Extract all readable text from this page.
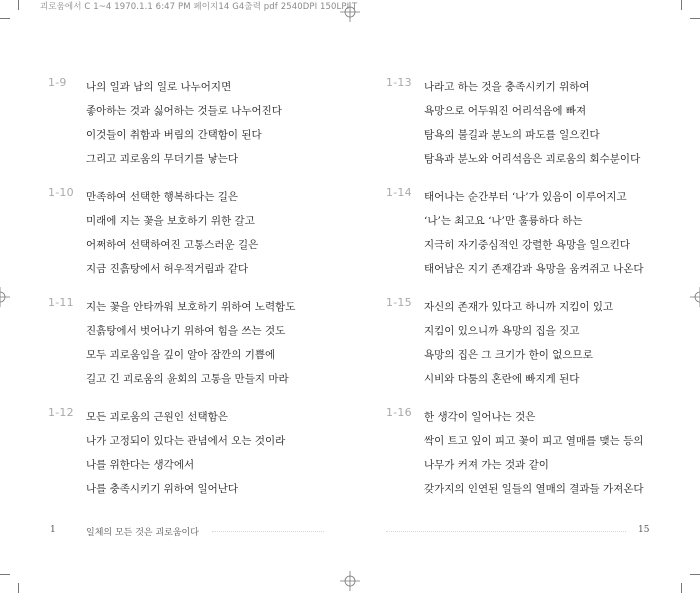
괴로움에서 C 1~4 1970.1.1 6:47 PM 페이지14 G4출력 pdf 2540DPI 150LPI T
1-9 나의 일과 남의 일로 나누어지면
좋아하는 것과 싫어하는 것들로 나누어진다
이것들이 취함과 버림의 간택함이 된다
그리고 괴로움의 무더기를 낳는다
1-10 만족하여 선택한 행복하다는 길은
미래에 지는 꽃을 보호하기 위한 갈고
어쩌하여 선택하여진 고통스러운 길은
지금 진흙탕에서 허우적거림과 같다
1-11 지는 꽃을 안타까워 보호하기 위하여 노력함도
진흙탕에서 벗어나기 위하여 힘을 쓰는 것도
모두 괴로움임을 깊이 알아 잠깐의 기쁨에
길고 긴 괴로움의 윤회의 고통을 만들지 마라
1-12 모든 괴로움의 근원인 선택함은
나가 고정되이 있다는 관념에서 오는 것이라
나를 위한다는 생각에서
나를 충족시키기 위하여 일어난다
1-13 나라고 하는 것을 충족시키기 위하여
욕망으로 어두워진 어리석음에 빠져
탐욕의 불길과 분노의 파도를 일으킨다
탐욕과 분노와 어리석음은 괴로움의 회수분이다
1-14 태어나는 순간부터 ‘나’가 있음이 이루어지고
‘나’는 최고요 ‘나’만 훌륭하다 하는
지극히 자기중심적인 강렬한 욕망을 일으킨다
태어남은 지기 존재감과 욕망을 움켜쥐고 나온다
1-15 자신의 존재가 있다고 하니까 지킴이 있고
지킴이 있으니까 욕망의 집을 짓고
욕망의 집은 그 크기가 한이 없으므로
시비와 다툼의 혼란에 빠지게 된다
1-16 한 생각이 일어나는 것은
싹이 트고 잎이 피고 꽃이 피고 열매를 맺는 등의
나무가 커져 가는 것과 같이
갖가지의 인연된 일들의 열매의 결과들 가져온다
1	일체의 모든 것은 괴로움이다	15
